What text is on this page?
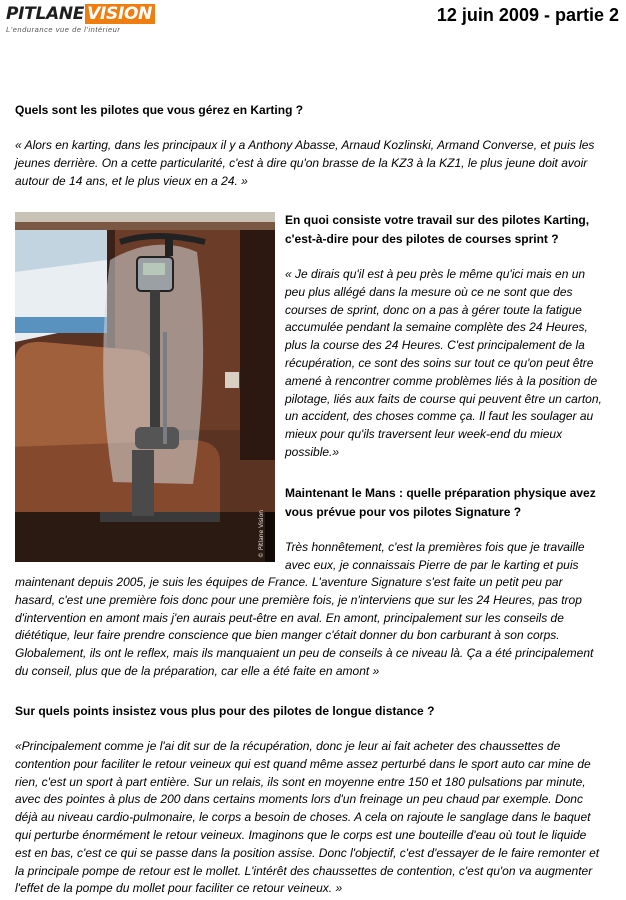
PITLANE VISION
L'endurance vue de l'intérieur
12 juin 2009 - partie 2
Quels sont les pilotes que vous gérez en Karting ?
« Alors en karting, dans les principaux il y a Anthony Abasse, Arnaud Kozlinski, Armand Converse, et puis les
jeunes derrière. On a cette particularité, c'est à dire qu'on brasse de la KZ3 à la KZ1, le plus jeune doit avoir
autour de 14 ans, et le plus vieux en a 24. »
© Pitlane Vision
En quoi consiste votre travail sur des pilotes Karting,
c'est-à-dire pour des pilotes de courses sprint ?
« Je dirais qu'il est à peu près le même qu'ici mais en un
peu plus allégé dans la mesure où ce ne sont que des
courses de sprint, donc on a pas à gérer toute la fatigue
accumulée pendant la semaine complète des 24 Heures,
plus la course des 24 Heures. C'est principalement de la
récupération, ce sont des soins sur tout ce qu'on peut être
amené à rencontrer comme problèmes liés à la position de
pilotage, liés aux faits de course qui peuvent être un carton,
un accident, des choses comme ça. Il faut les soulager au
mieux pour qu'ils traversent leur week-end du mieux
possible.»
Maintenant le Mans : quelle préparation physique avez
vous prévue pour vos pilotes Signature ?
Très honnêtement, c'est la premières fois que je travaille
avec eux, je connaissais Pierre de par le karting et puis
maintenant depuis 2005, je suis les équipes de France. L'aventure Signature s'est faite un petit peu par
hasard, c'est une première fois donc pour une première fois, je n'interviens que sur les 24 Heures, pas trop
d'intervention en amont mais j'en aurais peut-être en aval. En amont, principalement sur les conseils de
diététique, leur faire prendre conscience que bien manger c'était donner du bon carburant à son corps.
Globalement, ils ont le reflex, mais ils manquaient un peu de conseils à ce niveau là. Ça a été principalement
du conseil, plus que de la préparation, car elle a été faite en amont »
Sur quels points insistez vous plus pour des pilotes de longue distance ?
«Principalement comme je l'ai dit sur de la récupération, donc je leur ai fait acheter des chaussettes de
contention pour faciliter le retour veineux qui est quand même assez perturbé dans le sport auto car mine de
rien, c'est un sport à part entière. Sur un relais, ils sont en moyenne entre 150 et 180 pulsations par minute,
avec des pointes à plus de 200 dans certains moments lors d'un freinage un peu chaud par exemple. Donc
déjà au niveau cardio-pulmonaire, le corps a besoin de choses. A cela on rajoute le sanglage dans le baquet
qui perturbe énormément le retour veineux. Imaginons que le corps est une bouteille d'eau où tout le liquide
est en bas, c'est ce qui se passe dans la position assise. Donc l'objectif, c'est d'essayer de le faire remonter et
la principale pompe de retour est le mollet. L'intérêt des chaussettes de contention, c'est qu'on va augmenter
l'effet de la pompe du mollet pour faciliter ce retour veineux. »
